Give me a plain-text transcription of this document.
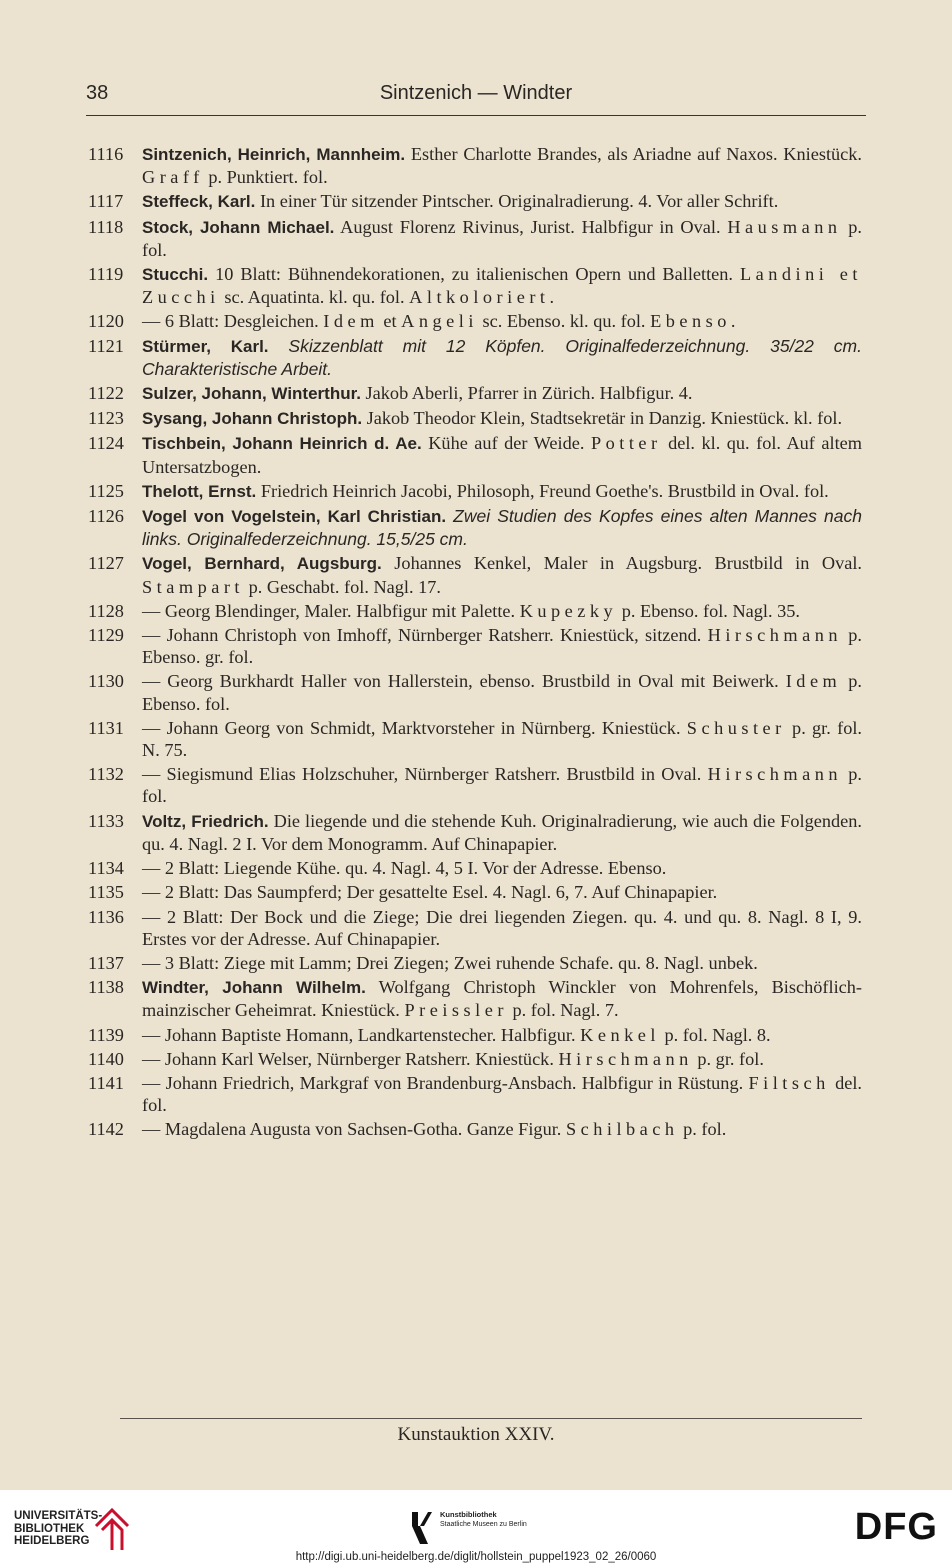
38	Sintzenich — Windter
1116	Sintzenich, Heinrich, Mannheim. Esther Charlotte Brandes, als Ariadne auf Naxos. Kniestück. Graff p. Punktiert. fol.
1117	Steffeck, Karl. In einer Tür sitzender Pintscher. Originalradierung. 4. Vor aller Schrift.
1118	Stock, Johann Michael. August Florenz Rivinus, Jurist. Halbfigur in Oval. Hausmann p. fol.
1119	Stucchi. 10 Blatt: Bühnendekorationen, zu italienischen Opern und Balletten. Landini et Zucchi sc. Aquatinta. kl. qu. fol. Altkoloriert.
1120 — 6 Blatt: Desgleichen. Idem et Angeli sc. Ebenso. kl. qu. fol. Ebenso.
1121	Stürmer, Karl. Skizzenblatt mit 12 Köpfen. Originalfederzeichnung. 35/22 cm. Charakteristische Arbeit.
1122	Sulzer, Johann, Winterthur. Jakob Aberli, Pfarrer in Zürich. Halbfigur. 4.
1123	Sysang, Johann Christoph. Jakob Theodor Klein, Stadtsekretär in Danzig. Kniestück. kl. fol.
1124	Tischbein, Johann Heinrich d. Ae. Kühe auf der Weide. Potter del. kl. qu. fol. Auf altem Untersatzbogen.
1125	Thelott, Ernst. Friedrich Heinrich Jacobi, Philosoph, Freund Goethe's. Brustbild in Oval. fol.
1126	Vogel von Vogelstein, Karl Christian. Zwei Studien des Kopfes eines alten Mannes nach links. Originalfederzeichnung. 15,5/25 cm.
1127	Vogel, Bernhard, Augsburg. Johannes Kenkel, Maler in Augsburg. Brustbild in Oval. Stampart p. Geschabt. fol. Nagl. 17.
1128 — Georg Blendinger, Maler. Halbfigur mit Palette. Kupezky p. Ebenso. fol. Nagl. 35.
1129 — Johann Christoph von Imhoff, Nürnberger Ratsherr. Kniestück, sitzend. Hirschmann p. Ebenso. gr. fol.
1130 — Georg Burkhardt Haller von Hallerstein, ebenso. Brustbild in Oval mit Beiwerk. Idem p. Ebenso. fol.
1131 — Johann Georg von Schmidt, Marktvorsteher in Nürnberg. Kniestück. Schuster p. gr. fol. N. 75.
1132 — Siegismund Elias Holzschuher, Nürnberger Ratsherr. Brustbild in Oval. Hirschmann p. fol.
1133	Voltz, Friedrich. Die liegende und die stehende Kuh. Originalradierung, wie auch die Folgenden. qu. 4. Nagl. 2 I. Vor dem Monogramm. Auf Chinapapier.
1134 — 2 Blatt: Liegende Kühe. qu. 4. Nagl. 4, 5 I. Vor der Adresse. Ebenso.
1135 — 2 Blatt: Das Saumpferd; Der gesattelte Esel. 4. Nagl. 6, 7. Auf Chinapapier.
1136 — 2 Blatt: Der Bock und die Ziege; Die drei liegenden Ziegen. qu. 4. und qu. 8. Nagl. 8 I, 9. Erstes vor der Adresse. Auf Chinapapier.
1137 — 3 Blatt: Ziege mit Lamm; Drei Ziegen; Zwei ruhende Schafe. qu. 8. Nagl. unbek.
1138	Windter, Johann Wilhelm. Wolfgang Christoph Winckler von Mohrenfels, Bischöflich-mainzischer Geheimrat. Kniestück. Preissler p. fol. Nagl. 7.
1139 — Johann Baptiste Homann, Landkartenstecher. Halbfigur. Kenkel p. fol. Nagl. 8.
1140 — Johann Karl Welser, Nürnberger Ratsherr. Kniestück. Hirschmann p. gr. fol.
1141 — Johann Friedrich, Markgraf von Brandenburg-Ansbach. Halbfigur in Rüstung. Filtsch del. fol.
1142 — Magdalena Augusta von Sachsen-Gotha. Ganze Figur. Schilbach p. fol.
Kunstauktion XXIV.
UNIVERSITÄTS-
BIBLIOTHEK
HEIDELBERG
Kunstbibliothek
Staatliche Museen zu Berlin	DFG
http://digi.ub.uni-heidelberg.de/diglit/hollstein_puppel1923_02_26/0060
